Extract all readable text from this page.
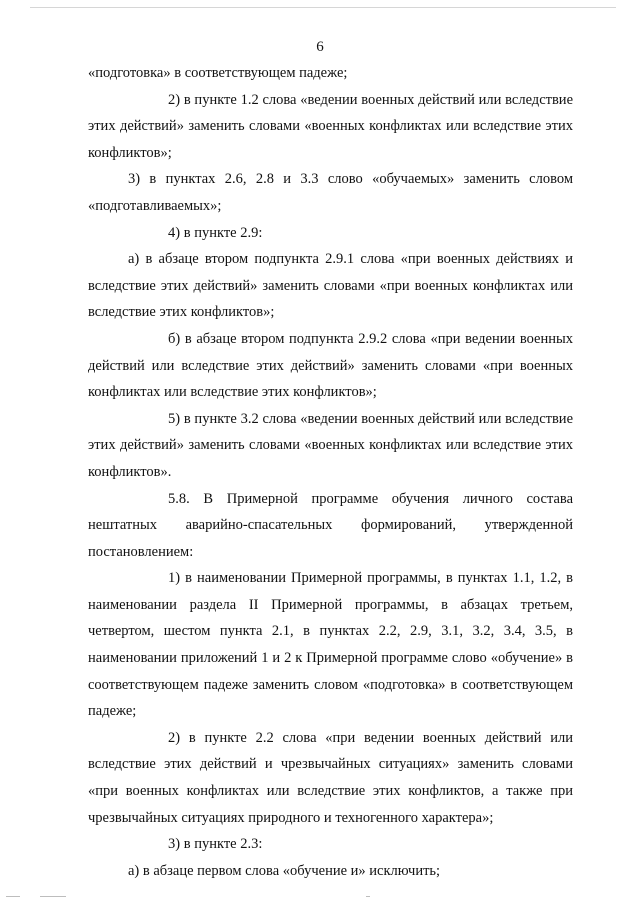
6

«подготовка» в соответствующем падеже;

2) в пункте 1.2 слова «ведении военных действий или вследствие этих действий» заменить словами «военных конфликтах или вследствие этих конфликтов»;

3) в пунктах 2.6, 2.8 и 3.3 слово «обучаемых» заменить словом «подготавливаемых»;

4) в пункте 2.9:

а) в абзаце втором подпункта 2.9.1 слова «при военных действиях и вследствие этих действий» заменить словами «при военных конфликтах или вследствие этих конфликтов»;

б) в абзаце втором подпункта 2.9.2 слова «при ведении военных действий или вследствие этих действий» заменить словами «при военных конфликтах или вследствие этих конфликтов»;

5) в пункте 3.2 слова «ведении военных действий или вследствие этих действий» заменить словами «военных конфликтах или вследствие этих конфликтов».

5.8. В Примерной программе обучения личного состава нештатных аварийно-спасательных формирований, утвержденной постановлением:

1) в наименовании Примерной программы, в пунктах 1.1, 1.2, в наименовании раздела II Примерной программы, в абзацах третьем, четвертом, шестом пункта 2.1, в пунктах 2.2, 2.9, 3.1, 3.2, 3.4, 3.5, в наименовании приложений 1 и 2 к Примерной программе слово «обучение» в соответствующем падеже заменить словом «подготовка» в соответствующем падеже;

2) в пункте 2.2 слова «при ведении военных действий или вследствие этих действий и чрезвычайных ситуациях» заменить словами «при военных конфликтах или вследствие этих конфликтов, а также при чрезвычайных ситуациях природного и техногенного характера»;

3) в пункте 2.3:

а) в абзаце первом слова «обучение и» исключить;
